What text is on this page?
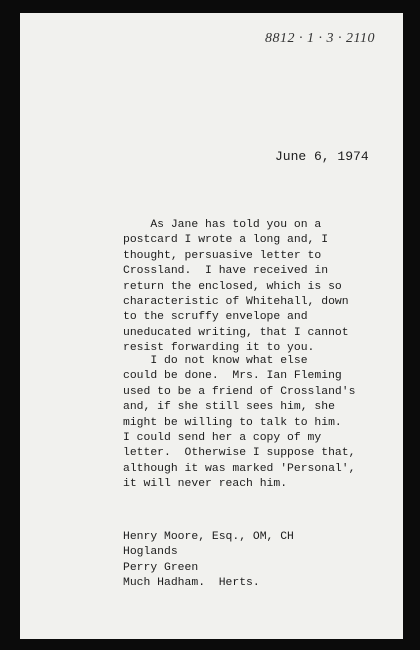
8812 · 1 · 3 · 2110
June 6, 1974
As Jane has told you on a
postcard I wrote a long and, I
thought, persuasive letter to
Crossland.  I have received in
return the enclosed, which is so
characteristic of Whitehall, down
to the scruffy envelope and
uneducated writing, that I cannot
resist forwarding it to you.
I do not know what else
could be done.  Mrs. Ian Fleming
used to be a friend of Crossland's
and, if she still sees him, she
might be willing to talk to him.
I could send her a copy of my
letter.  Otherwise I suppose that,
although it was marked 'Personal',
it will never reach him.
Henry Moore, Esq., OM, CH
Hoglands
Perry Green
Much Hadham.  Herts.
